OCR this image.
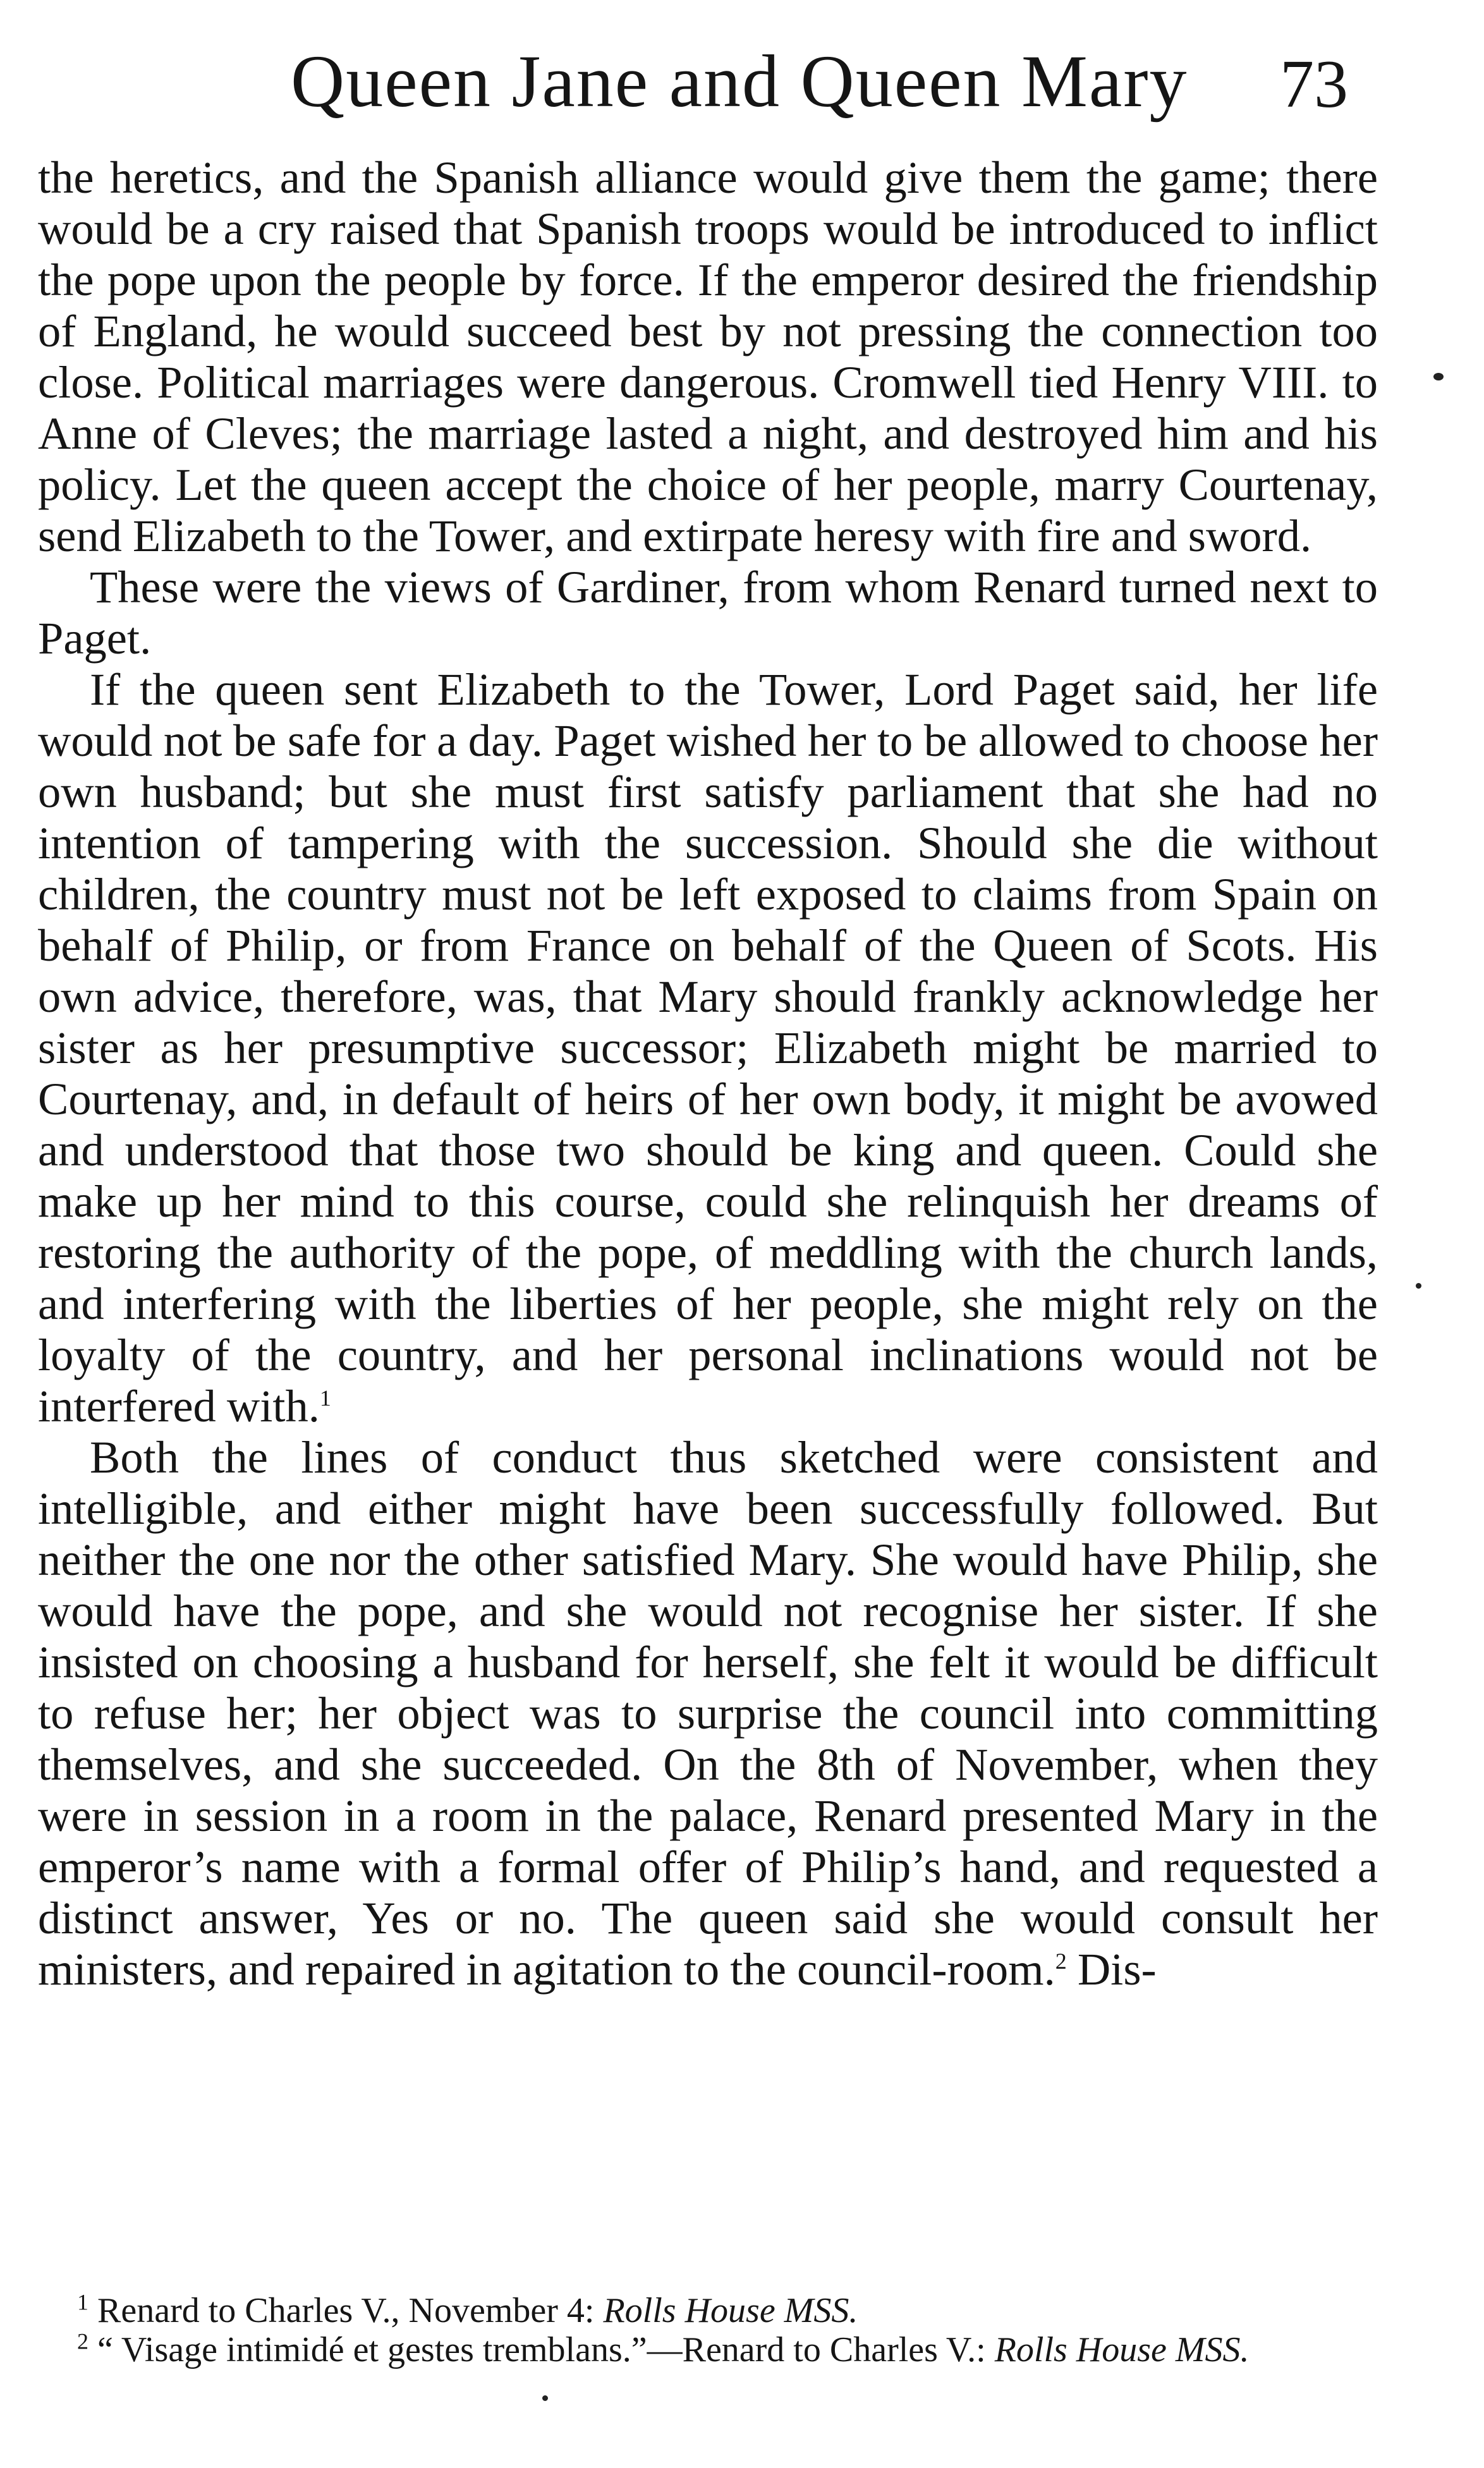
Queen Jane and Queen Mary 73

the heretics, and the Spanish alliance would give them the game; there would be a cry raised that Spanish troops would be introduced to inflict the pope upon the people by force. If the emperor desired the friendship of England, he would succeed best by not pressing the connection too close. Political marriages were dangerous. Cromwell tied Henry VIII. to Anne of Cleves; the marriage lasted a night, and destroyed him and his policy. Let the queen accept the choice of her people, marry Courtenay, send Elizabeth to the Tower, and extirpate heresy with fire and sword.

These were the views of Gardiner, from whom Renard turned next to Paget.

If the queen sent Elizabeth to the Tower, Lord Paget said, her life would not be safe for a day. Paget wished her to be allowed to choose her own husband; but she must first satisfy parliament that she had no intention of tampering with the succession. Should she die without children, the country must not be left exposed to claims from Spain on behalf of Philip, or from France on behalf of the Queen of Scots. His own advice, therefore, was, that Mary should frankly acknowledge her sister as her presumptive successor; Elizabeth might be married to Courtenay, and, in default of heirs of her own body, it might be avowed and understood that those two should be king and queen. Could she make up her mind to this course, could she relinquish her dreams of restoring the authority of the pope, of meddling with the church lands, and interfering with the liberties of her people, she might rely on the loyalty of the country, and her personal inclinations would not be interfered with.$^1$

Both the lines of conduct thus sketched were consistent and intelligible, and either might have been successfully followed. But neither the one nor the other satisfied Mary. She would have Philip, she would have the pope, and she would not recognise her sister. If she insisted on choosing a husband for herself, she felt it would be difficult to refuse her; her object was to surprise the council into committing themselves, and she succeeded. On the 8th of November, when they were in session in a room in the palace, Renard presented Mary in the emperor’s name with a formal offer of Philip’s hand, and requested a distinct answer, Yes or no. The queen said she would consult her ministers, and repaired in agitation to the council-room.$^2$ Dis-

$^1$ Renard to Charles V., November 4: Rolls House MSS.

$^2$ “ Visage intimidé et gestes tremblans.”—Renard to Charles V.: Rolls House MSS.
